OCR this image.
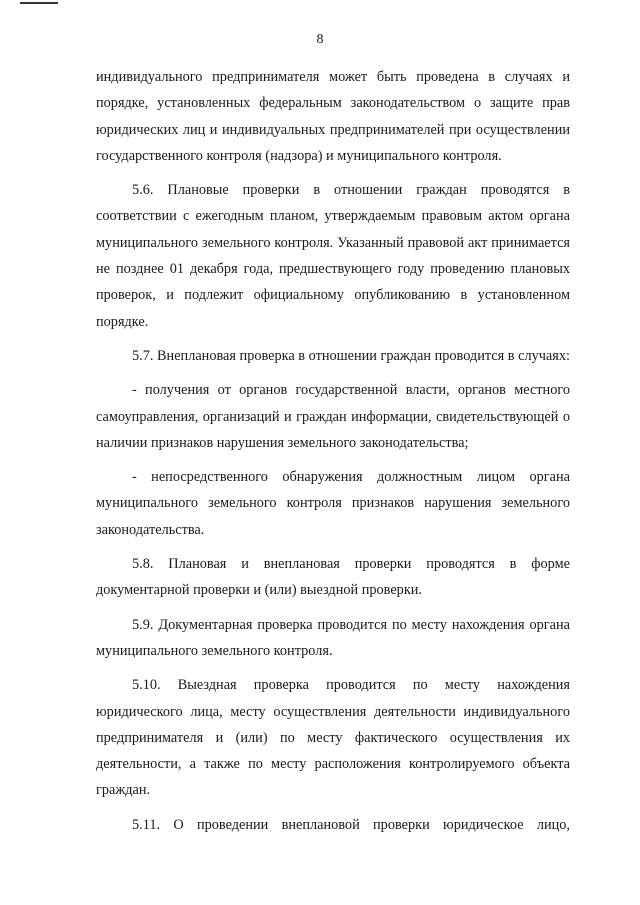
8

индивидуального предпринимателя может быть проведена в случаях и порядке, установленных федеральным законодательством о защите прав юридических лиц и индивидуальных предпринимателей при осуществлении государственного контроля (надзора) и муниципального контроля.

5.6. Плановые проверки в отношении граждан проводятся в соответствии с ежегодным планом, утверждаемым правовым актом органа муниципального земельного контроля. Указанный правовой акт принимается не позднее 01 декабря года, предшествующего году проведению плановых проверок, и подлежит официальному опубликованию в установленном порядке.

5.7. Внеплановая проверка в отношении граждан проводится в случаях:

- получения от органов государственной власти, органов местного самоуправления, организаций и граждан информации, свидетельствующей о наличии признаков нарушения земельного законодательства;

- непосредственного обнаружения должностным лицом органа муниципального земельного контроля признаков нарушения земельного законодательства.

5.8. Плановая и внеплановая проверки проводятся в форме документарной проверки и (или) выездной проверки.

5.9. Документарная проверка проводится по месту нахождения органа муниципального земельного контроля.

5.10. Выездная проверка проводится по месту нахождения юридического лица, месту осуществления деятельности индивидуального предпринимателя и (или) по месту фактического осуществления их деятельности, а также по месту расположения контролируемого объекта граждан.

5.11. О проведении внеплановой проверки юридическое лицо,
